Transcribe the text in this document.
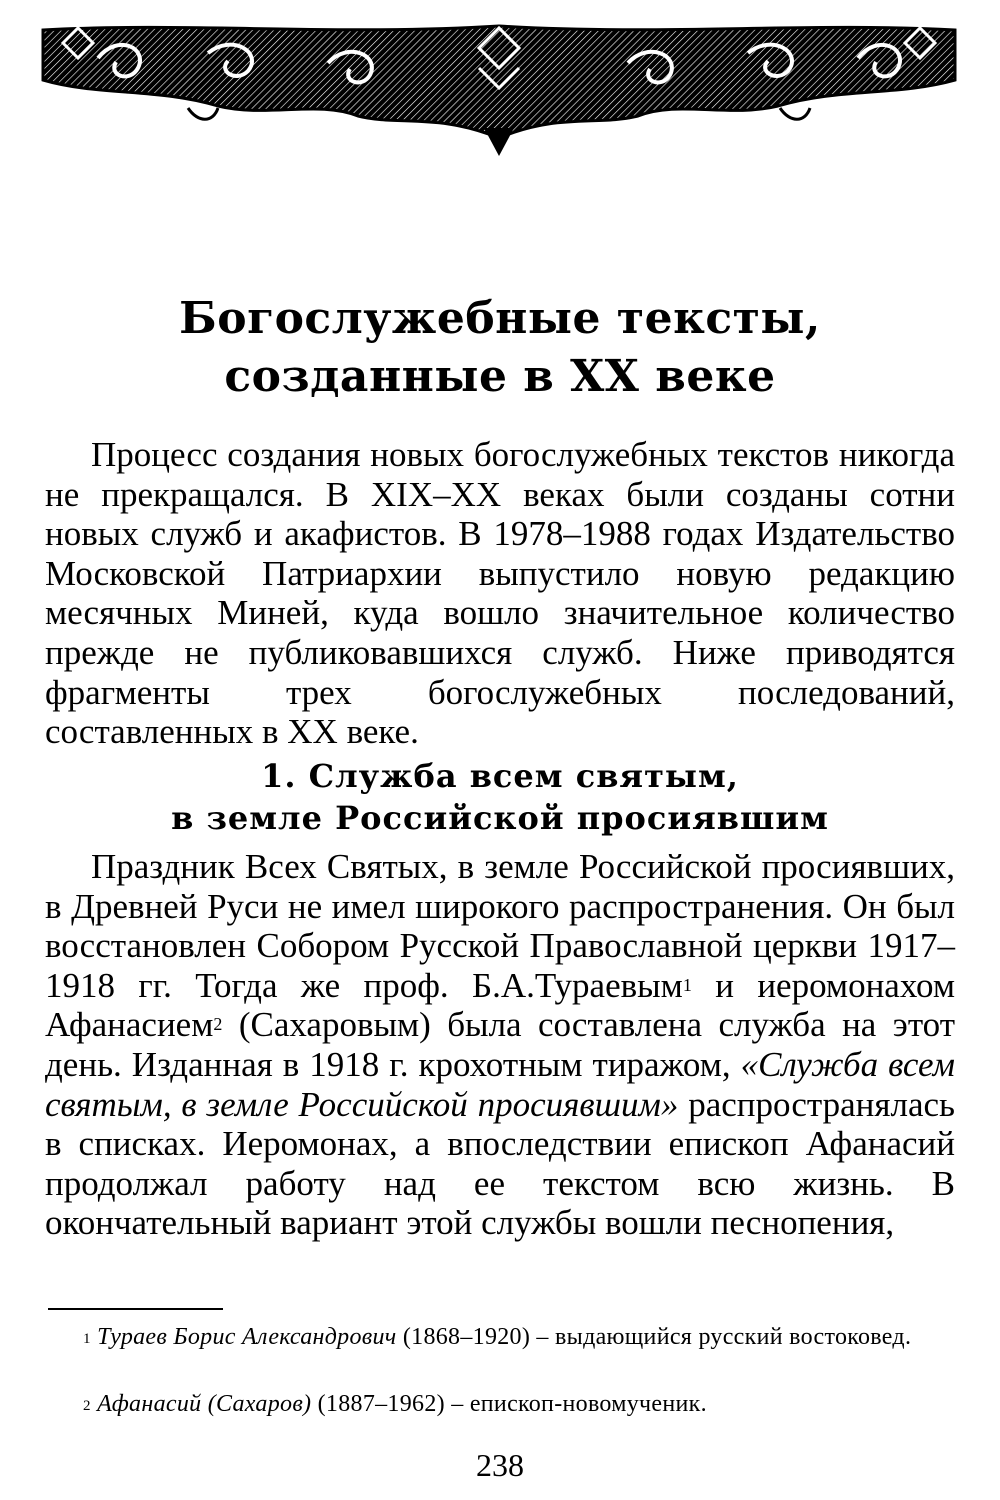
Богослужебные тексты,
созданные в XX веке

Процесс создания новых богослужебных текстов никогда не прекращался. В XIX–XX веках были созданы сотни новых служб и акафистов. В 1978–1988 годах Издательство Московской Патриархии выпустило новую редакцию месячных Миней, куда вошло значительное количество прежде не публиковавшихся служб. Ниже приводятся фрагменты трех богослужебных последований, составленных в XX веке.

1. Служба всем святым,
в земле Российской просиявшим

Праздник Всех Святых, в земле Российской просиявших, в Древней Руси не имел широкого распространения. Он был восстановлен Собором Русской Православной церкви 1917–1918 гг. Тогда же проф. Б.А.Тураевым$^1$ и иеромонахом Афанасием$^2$ (Сахаровым) была составлена служба на этот день. Изданная в 1918 г. крохотным тиражом, «Служба всем святым, в земле Российской просиявшим» распространялась в списках. Иеромонах, а впоследствии епископ Афанасий продолжал работу над ее текстом всю жизнь. В окончательный вариант этой службы вошли песнопения,

$^1$ Тураев Борис Александрович (1868–1920) – выдающийся русский востоковед.

$^2$ Афанасий (Сахаров) (1887–1962) – епископ-новомученик.

238
